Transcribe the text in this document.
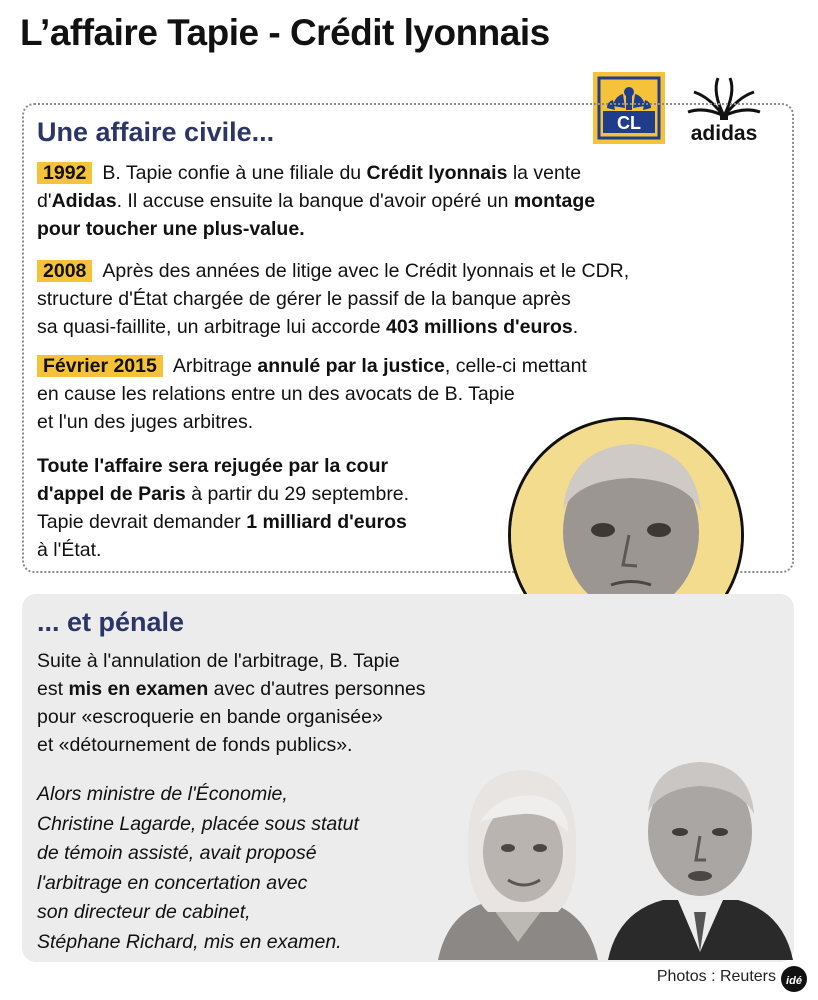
L’affaire Tapie - Crédit lyonnais
CL adidas
Une affaire civile...
1992 B. Tapie confie à une filiale du Crédit lyonnais la vente
d'Adidas. Il accuse ensuite la banque d'avoir opéré un montage
pour toucher une plus-value.
2008 Après des années de litige avec le Crédit lyonnais et le CDR,
structure d'État chargée de gérer le passif de la banque après
sa quasi-faillite, un arbitrage lui accorde 403 millions d'euros.
Février 2015 Arbitrage annulé par la justice, celle-ci mettant
en cause les relations entre un des avocats de B. Tapie
et l'un des juges arbitres.
Toute l'affaire sera rejugée par la cour
d'appel de Paris à partir du 29 septembre.
Tapie devrait demander 1 milliard d'euros
à l'État.
... et pénale
Suite à l'annulation de l'arbitrage, B. Tapie
est mis en examen avec d'autres personnes
pour «escroquerie en bande organisée»
et «détournement de fonds publics».
Alors ministre de l'Économie,
Christine Lagarde, placée sous statut
de témoin assisté, avait proposé
l'arbitrage en concertation avec
son directeur de cabinet,
Stéphane Richard, mis en examen.
Photos : Reuters idé
